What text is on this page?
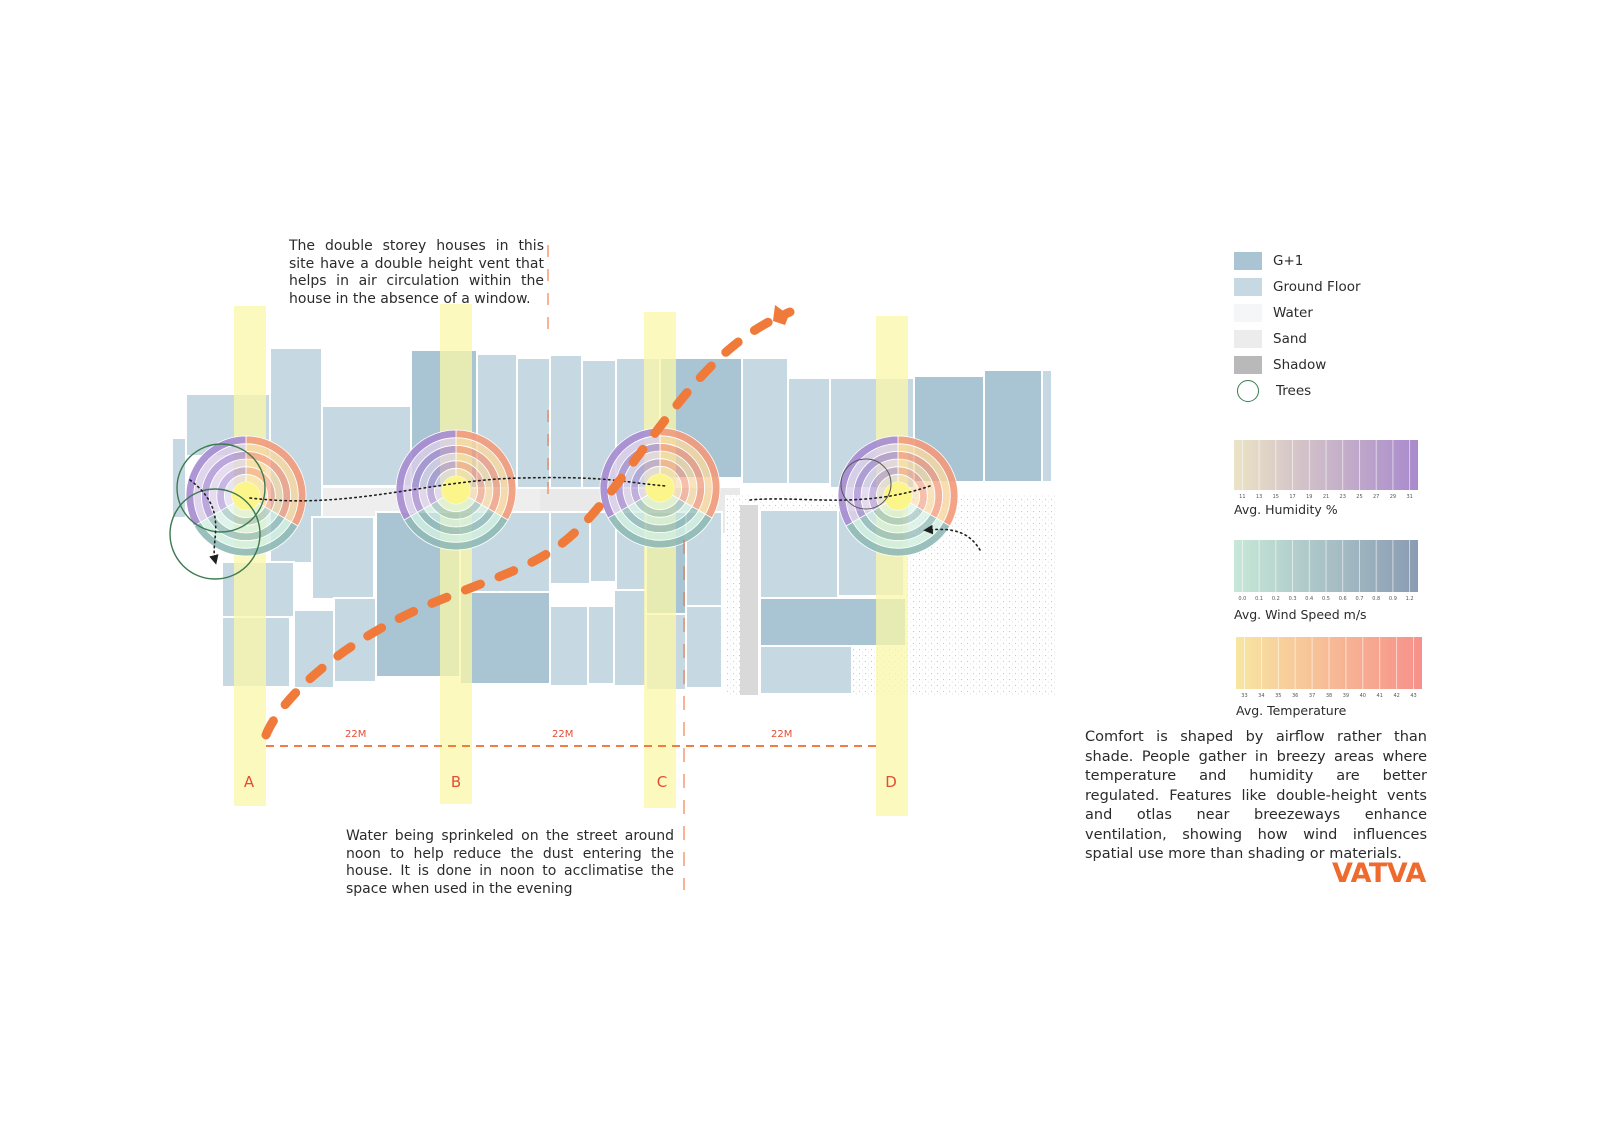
22M	22M	22M
A	B	C	D
11 13 15 17 19 21 23 25 27 29 31
0.0 0.1 0.2 0.3 0.4 0.5 0.6 0.7 0.8 0.9 1.2
33 34 35 36 37 38 39 40 41 42 43
The double storey houses in this site have a double height vent that helps in air circulation within the house in the absence of a window.
Water being sprinkeled on the street around noon to help reduce the dust entering the house. It is done in noon to acclimatise the space when used in the evening
Comfort is shaped by airflow rather than shade. People gather in breezy areas where temperature and humidity are better regulated. Features like double-height vents and otlas near breezeways enhance ventilation, showing how wind influences spatial use more than shading or materials.
G+1
Ground Floor
Water
Sand
Shadow
Trees
Avg. Humidity %
Avg. Wind Speed m/s
Avg. Temperature
VATVA
